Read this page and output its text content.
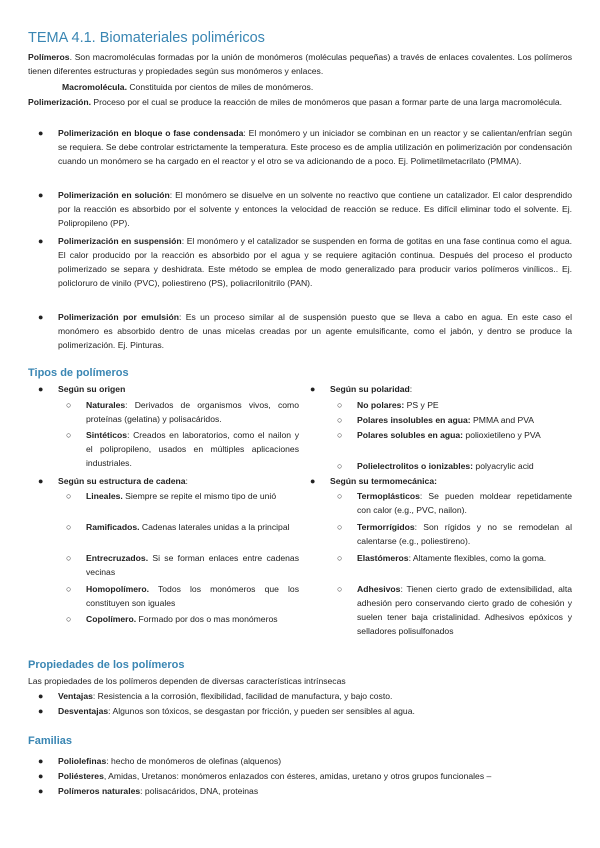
TEMA 4.1. Biomateriales poliméricos
Polímeros. Son macromoléculas formadas por la unión de monómeros (moléculas pequeñas) a través de enlaces covalentes. Los polímeros tienen diferentes estructuras y propiedades según sus monómeros y enlaces.
Macromolécula. Constituida por cientos de miles de monómeros.
Polimerización. Proceso por el cual se produce la reacción de miles de monómeros que pasan a formar parte de una larga macromolécula.
● Polimerización en bloque o fase condensada: El monómero y un iniciador se combinan en un reactor y se calientan/enfrían según se requiera. Se debe controlar estrictamente la temperatura. Este proceso es de amplia utilización en polimerización por condensación cuando un monómero se ha cargado en el reactor y el otro se va adicionando de a poco. Ej. Polimetilmetacrilato (PMMA).
● Polimerización en solución: El monómero se disuelve en un solvente no reactivo que contiene un catalizador. El calor desprendido por la reacción es absorbido por el solvente y entonces la velocidad de reacción se reduce. Es difícil eliminar todo el solvente. Ej. Polipropileno (PP).
● Polimerización en suspensión: El monómero y el catalizador se suspenden en forma de gotitas en una fase continua como el agua. El calor producido por la reacción es absorbido por el agua y se requiere agitación continua. Después del proceso el producto polimerizado se separa y deshidrata. Este método se emplea de modo generalizado para producir varios polímeros vinílicos.. Ej. policloruro de vinilo (PVC), poliestireno (PS), poliacrilonitrilo (PAN).
● Polimerización por emulsión: Es un proceso similar al de suspensión puesto que se lleva a cabo en agua. En este caso el monómero es absorbido dentro de unas micelas creadas por un agente emulsificante, como el jabón, y dentro se produce la polimerización. Ej. Pinturas.
Tipos de polímeros
● Según su origen
○ Naturales: Derivados de organismos vivos, como proteínas (gelatina) y polisacáridos.
○ Sintéticos: Creados en laboratorios, como el nailon y el polipropileno, usados en múltiples aplicaciones industriales.
● Según su estructura de cadena:
○ Lineales. Siempre se repite el mismo tipo de unió
○ Ramificados. Cadenas laterales unidas a la principal
○ Entrecruzados. Si se forman enlaces entre cadenas vecinas
○ Homopolímero. Todos los monómeros que los constituyen son iguales
○ Copolímero. Formado por dos o mas monómeros
● Según su polaridad:
○ No polares: PS y PE
○ Polares insolubles en agua: PMMA and PVA
○ Polares solubles en agua: polioxietileno y PVA
○ Polielectrolitos o ionizables: polyacrylic acid
● Según su termomecánica:
○ Termoplásticos: Se pueden moldear repetidamente con calor (e.g., PVC, nailon).
○ Termorrígidos: Son rígidos y no se remodelan al calentarse (e.g., poliestireno).
○ Elastómeros: Altamente flexibles, como la goma.
○ Adhesivos: Tienen cierto grado de extensibilidad, alta adhesión pero conservando cierto grado de cohesión y suelen tener baja cristalinidad. Adhesivos epóxicos y selladores polisulfonados
Propiedades de los polímeros
Las propiedades de los polímeros dependen de diversas características intrínsecas
● Ventajas: Resistencia a la corrosión, flexibilidad, facilidad de manufactura, y bajo costo.
● Desventajas: Algunos son tóxicos, se desgastan por fricción, y pueden ser sensibles al agua.
Familias
● Poliolefinas: hecho de monómeros de olefinas (alquenos)
● Poliésteres, Amidas, Uretanos: monómeros enlazados con ésteres, amidas, uretano y otros grupos funcionales –
● Polímeros naturales: polisacáridos, DNA, proteinas
